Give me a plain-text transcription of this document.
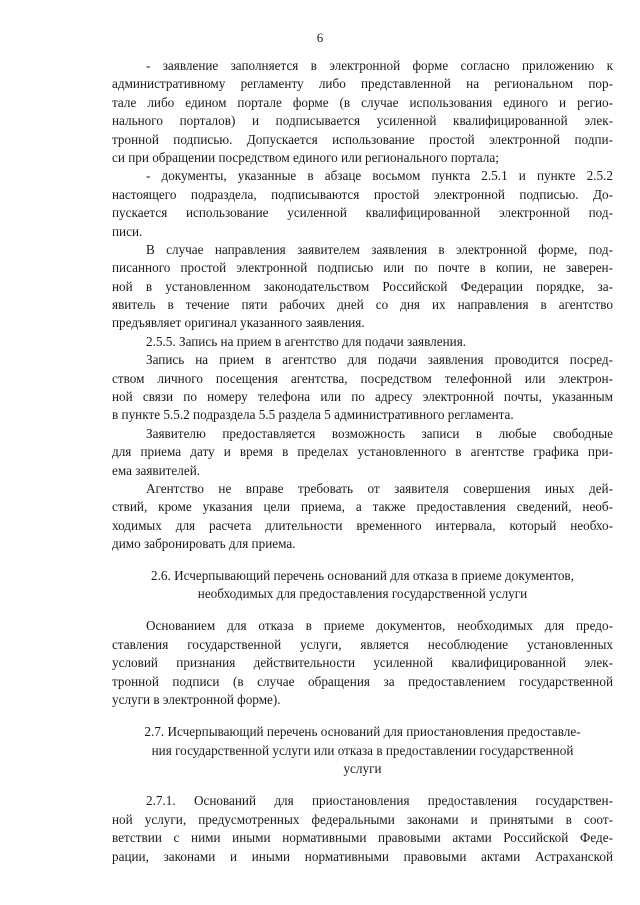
6
- заявление заполняется в электронной форме согласно приложению к
административному регламенту либо представленной на региональном пор-
тале либо едином портале форме (в случае использования единого и регио-
нального порталов) и подписывается усиленной квалифицированной элек-
тронной подписью. Допускается использование простой электронной подпи-
си при обращении посредством единого или регионального портала;
- документы, указанные в абзаце восьмом пункта 2.5.1 и пункте 2.5.2
настоящего подраздела, подписываются простой электронной подписью. До-
пускается использование усиленной квалифицированной электронной под-
писи.
В случае направления заявителем заявления в электронной форме, под-
писанного простой электронной подписью или по почте в копии, не заверен-
ной в установленном законодательством Российской Федерации порядке, за-
явитель в течение пяти рабочих дней со дня их направления в агентство
предъявляет оригинал указанного заявления.
2.5.5. Запись на прием в агентство для подачи заявления.
Запись на прием в агентство для подачи заявления проводится посред-
ством личного посещения агентства, посредством телефонной или электрон-
ной связи по номеру телефона или по адресу электронной почты, указанным
в пункте 5.5.2 подраздела 5.5 раздела 5 административного регламента.
Заявителю предоставляется возможность записи в любые свободные
для приема дату и время в пределах установленного в агентстве графика при-
ема заявителей.
Агентство не вправе требовать от заявителя совершения иных дей-
ствий, кроме указания цели приема, а также предоставления сведений, необ-
ходимых для расчета длительности временного интервала, который необхо-
димо забронировать для приема.
2.6. Исчерпывающий перечень оснований для отказа в приеме документов,
необходимых для предоставления государственной услуги
Основанием для отказа в приеме документов, необходимых для предо-
ставления государственной услуги, является несоблюдение установленных
условий признания действительности усиленной квалифицированной элек-
тронной подписи (в случае обращения за предоставлением государственной
услуги в электронной форме).
2.7. Исчерпывающий перечень оснований для приостановления предоставле-
ния государственной услуги или отказа в предоставлении государственной
услуги
2.7.1. Оснований для приостановления предоставления государствен-
ной услуги, предусмотренных федеральными законами и принятыми в соот-
ветствии с ними иными нормативными правовыми актами Российской Феде-
рации, законами и иными нормативными правовыми актами Астраханской
